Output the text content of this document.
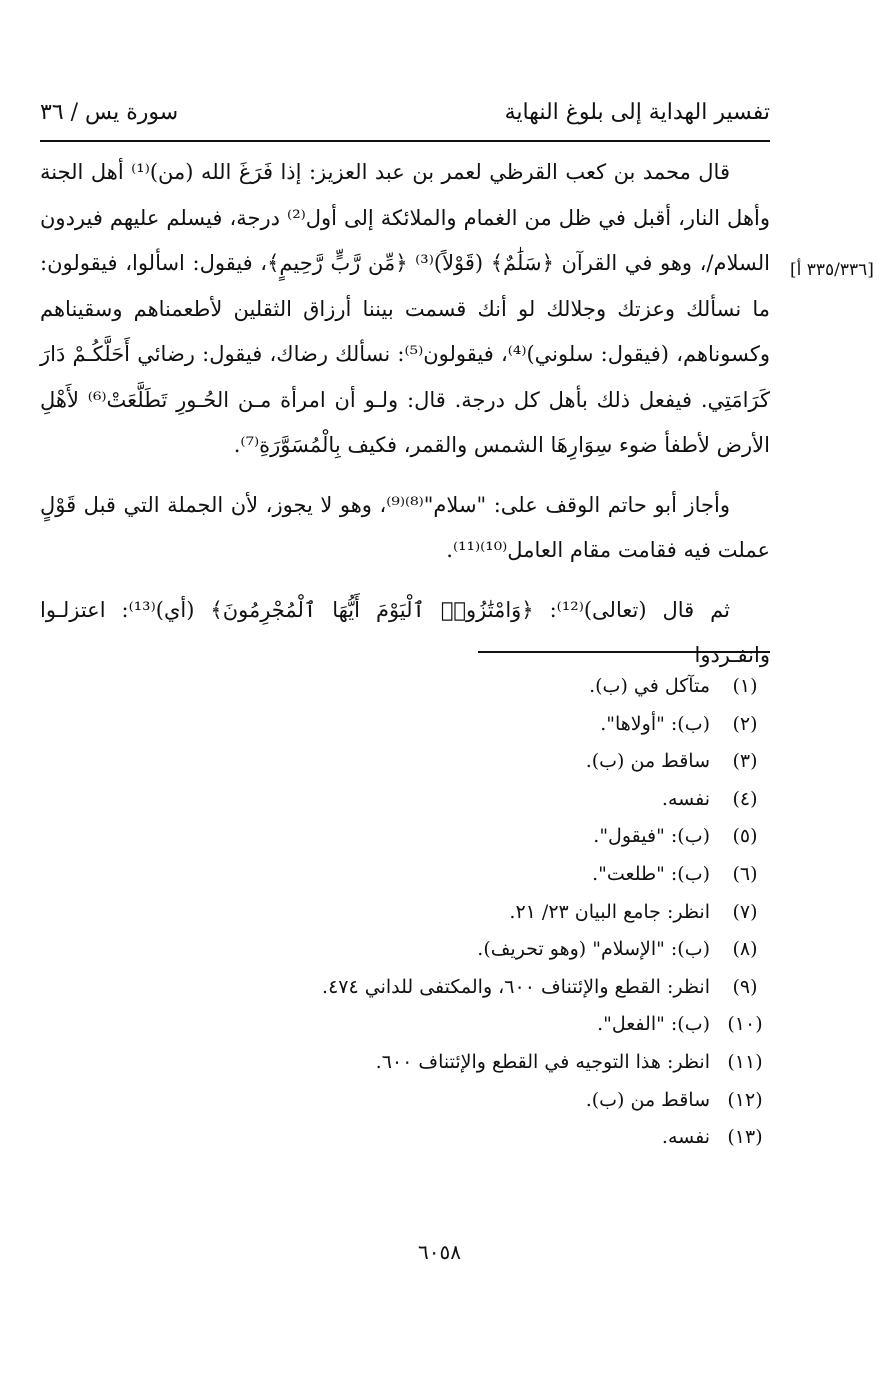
تفسير الهداية إلى بلوغ النهاية
سورة يس / ٣٦
[٣٣٥/٣٣٦ أ]

قال محمد بن كعب القرظي لعمر بن عبد العزيز: إذا فَرَغَ الله (من)⁽¹⁾ أهل الجنة وأهل النار، أقبل في ظل من الغمام والملائكة إلى أول⁽²⁾ درجة، فيسلم عليهم فيردون السلام/، وهو في القرآن ﴿سَلَٰمٌ﴾ (قَوْلاً)⁽³⁾ ﴿مِّن رَّبٍّ رَّحِيمٍ﴾، فيقول: اسألوا، فيقولون: ما نسألك وعزتك وجلالك لو أنك قسمت بيننا أرزاق الثقلين لأطعمناهم وسقيناهم وكسوناهم، (فيقول: سلوني)⁽⁴⁾، فيقولون⁽⁵⁾: نسألك رضاك، فيقول: رضائي أَحَلَّكُـمْ دَارَ كَرَامَتِي. فيفعل ذلك بأهل كل درجة. قال: ولـو أن امرأة مـن الحُـورِ تَطَلَّعَتْ⁽⁶⁾ لأَهْلِ الأرض لأطفأ ضوء سِوَارِهَا الشمس والقمر، فكيف بِالْمُسَوَّرَةِ⁽⁷⁾.

وأجاز أبو حاتم الوقف على: "سلام"⁽⁸⁾⁽⁹⁾، وهو لا يجوز، لأن الجملة التي قبل قَوْلٍ عملت فيه فقامت مقام العامل⁽¹⁰⁾⁽¹¹⁾.

ثم قال (تعالى)⁽¹²⁾: ﴿وَامْتَٰزُوا۟ ٱلْيَوْمَ أَيُّهَا ٱلْمُجْرِمُونَ﴾ (أي)⁽¹³⁾: اعتزلـوا وانفـردوا

(١)متآكل في (ب).
(٢)(ب): "أولاها".
(٣)ساقط من (ب).
(٤)نفسه.
(٥)(ب): "فيقول".
(٦)(ب): "طلعت".
(٧)انظر: جامع البيان ٢٣/ ٢١.
(٨)(ب): "الإسلام" (وهو تحريف).
(٩)انظر: القطع والإئتناف ٦٠٠، والمكتفى للداني ٤٧٤.
(١٠)(ب): "الفعل".
(١١)انظر: هذا التوجيه في القطع والإئتناف ٦٠٠.
(١٢)ساقط من (ب).
(١٣)نفسه.
٦٠٥٨
